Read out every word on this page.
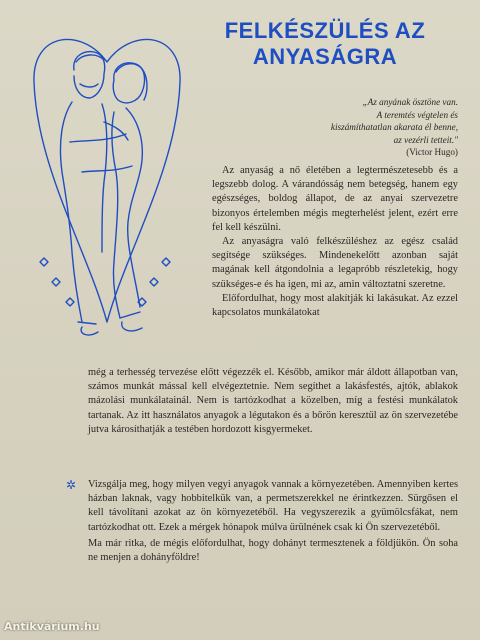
FELKÉSZÜLÉS AZ
ANYASÁGRA
„Az anyának ösztöne van.
A teremtés végtelen és
kiszámíthatatlan akarata él benne,
az vezérli tetteit."
(Victor Hugo)

Az anyaság a nő életében a legtermészetesebb és a legszebb dolog. A várandósság nem betegség, hanem egy egészséges, boldog állapot, de az anyai szervezetre bizonyos értelemben mégis megterhelést jelent, ezért erre fel kell készülni.

Az anyaságra való felkészüléshez az egész család segítsége szükséges. Mindenekelőtt azonban saját magának kell átgondolnia a legapróbb részletekig, hogy szükséges-e és ha igen, mi az, amin változtatni szeretne.

Előfordulhat, hogy most alakítják ki lakásukat. Az ezzel kapcsolatos munkálatokat

még a terhesség tervezése előtt végezzék el. Később, amikor már áldott állapotban van, számos munkát mással kell elvégeztetnie. Nem segíthet a lakásfestés, ajtók, ablakok mázolási munkálatainál. Nem is tartózkodhat a közelben, míg a festési munkálatok tartanak. Az itt használatos anyagok a légutakon és a bőrön keresztül az ön szervezetébe jutva károsíthatják a testében hordozott kisgyermeket.

✲ Vizsgálja meg, hogy milyen vegyi anyagok vannak a környezetében. Amennyiben kertes házban laknak, vagy hobbitelkük van, a permetszerekkel ne érintkezzen. Sürgősen el kell távolítani azokat az ön környezetéből. Ha vegyszerezik a gyümölcsfákat, nem tartózkodhat ott. Ezek a mérgek hónapok múlva ürülnének csak ki Ön szervezetéből.

Ma már ritka, de mégis előfordulhat, hogy dohányt termesztenek a földjükön. Ön soha ne menjen a dohányföldre!

Antikvárium.hu
